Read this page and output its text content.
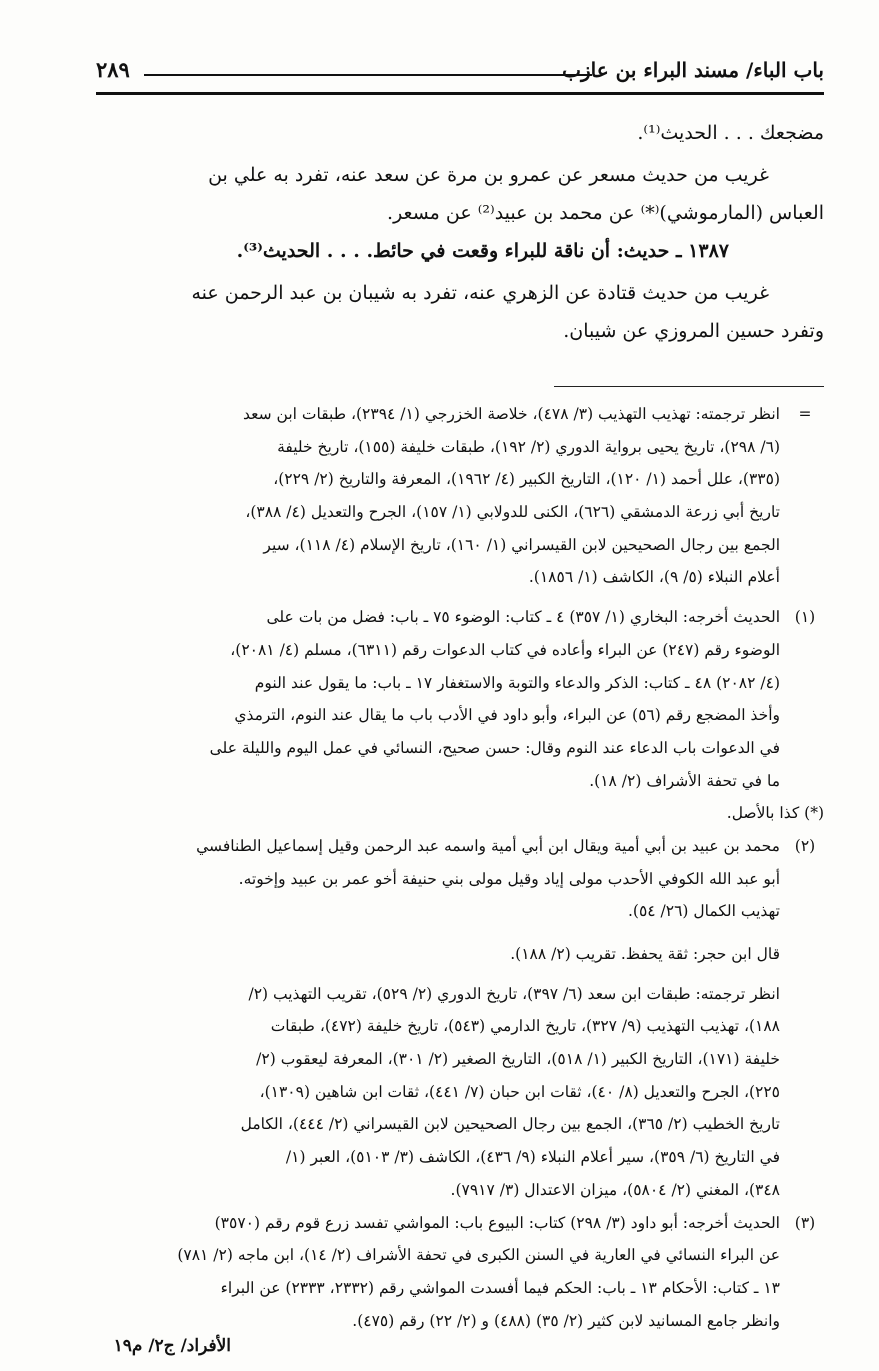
باب الباء/ مسند البراء بن عازب
٢٨٩
مضجعك . . . الحديث⁽¹⁾.
غريب من حديث مسعر عن عمرو بن مرة عن سعد عنه، تفرد به علي بن
العباس (المارموشي)⁽*⁾ عن محمد بن عبيد⁽²⁾ عن مسعر.
١٣٨٧ ـ حديث: أن ناقة للبراء وقعت في حائط. . . . الحديث⁽³⁾.
غريب من حديث قتادة عن الزهري عنه، تفرد به شيبان بن عبد الرحمن عنه
وتفرد حسين المروزي عن شيبان.
=
انظر ترجمته: تهذيب التهذيب (٣/ ٤٧٨)، خلاصة الخزرجي (١/ ٢٣٩٤)، طبقات ابن سعد
(٦/ ٢٩٨)، تاريخ يحيى برواية الدوري (٢/ ١٩٢)، طبقات خليفة (١٥٥)، تاريخ خليفة
(٣٣٥)، علل أحمد (١/ ١٢٠)، التاريخ الكبير (٤/ ١٩٦٢)، المعرفة والتاريخ (٢/ ٢٢٩)،
تاريخ أبي زرعة الدمشقي (٦٢٦)، الكنى للدولابي (١/ ١٥٧)، الجرح والتعديل (٤/ ٣٨٨)،
الجمع بين رجال الصحيحين لابن القيسراني (١/ ١٦٠)، تاريخ الإسلام (٤/ ١١٨)، سير
أعلام النبلاء (٥/ ٩)، الكاشف (١/ ١٨٥٦).
(١)
الحديث أخرجه: البخاري (١/ ٣٥٧) ٤ ـ كتاب: الوضوء ٧٥ ـ باب: فضل من بات على
الوضوء رقم (٢٤٧) عن البراء وأعاده في كتاب الدعوات رقم (٦٣١١)، مسلم (٤/ ٢٠٨١)،
(٤/ ٢٠٨٢) ٤٨ ـ كتاب: الذكر والدعاء والتوبة والاستغفار ١٧ ـ باب: ما يقول عند النوم
وأخذ المضجع رقم (٥٦) عن البراء، وأبو داود في الأدب باب ما يقال عند النوم، الترمذي
في الدعوات باب الدعاء عند النوم وقال: حسن صحيح، النسائي في عمل اليوم والليلة على
ما في تحفة الأشراف (٢/ ١٨).
(*) كذا بالأصل.
(٢)
محمد بن عبيد بن أبي أمية ويقال ابن أبي أمية واسمه عبد الرحمن وقيل إسماعيل الطنافسي
أبو عبد الله الكوفي الأحدب مولى إياد وقيل مولى بني حنيفة أخو عمر بن عبيد وإخوته.
تهذيب الكمال (٢٦/ ٥٤).
قال ابن حجر: ثقة يحفظ. تقريب (٢/ ١٨٨).
انظر ترجمته: طبقات ابن سعد (٦/ ٣٩٧)، تاريخ الدوري (٢/ ٥٢٩)، تقريب التهذيب (٢/
١٨٨)، تهذيب التهذيب (٩/ ٣٢٧)، تاريخ الدارمي (٥٤٣)، تاريخ خليفة (٤٧٢)، طبقات
خليفة (١٧١)، التاريخ الكبير (١/ ٥١٨)، التاريخ الصغير (٢/ ٣٠١)، المعرفة ليعقوب (٢/
٢٢٥)، الجرح والتعديل (٨/ ٤٠)، ثقات ابن حبان (٧/ ٤٤١)، ثقات ابن شاهين (١٣٠٩)،
تاريخ الخطيب (٢/ ٣٦٥)، الجمع بين رجال الصحيحين لابن القيسراني (٢/ ٤٤٤)، الكامل
في التاريخ (٦/ ٣٥٩)، سير أعلام النبلاء (٩/ ٤٣٦)، الكاشف (٣/ ٥١٠٣)، العبر (١/
٣٤٨)، المغني (٢/ ٥٨٠٤)، ميزان الاعتدال (٣/ ٧٩١٧).
(٣)
الحديث أخرجه: أبو داود (٣/ ٢٩٨) كتاب: البيوع باب: المواشي تفسد زرع قوم رقم (٣٥٧٠)
عن البراء النسائي في العارية في السنن الكبرى في تحفة الأشراف (٢/ ١٤)، ابن ماجه (٢/ ٧٨١)
١٣ ـ كتاب: الأحكام ١٣ ـ باب: الحكم فيما أفسدت المواشي رقم (٢٣٣٢، ٢٣٣٣) عن البراء
وانظر جامع المسانيد لابن كثير (٢/ ٣٥) (٤٨٨) و (٢/ ٢٢) رقم (٤٧٥).
الأفراد/ ج٢/ م١٩
